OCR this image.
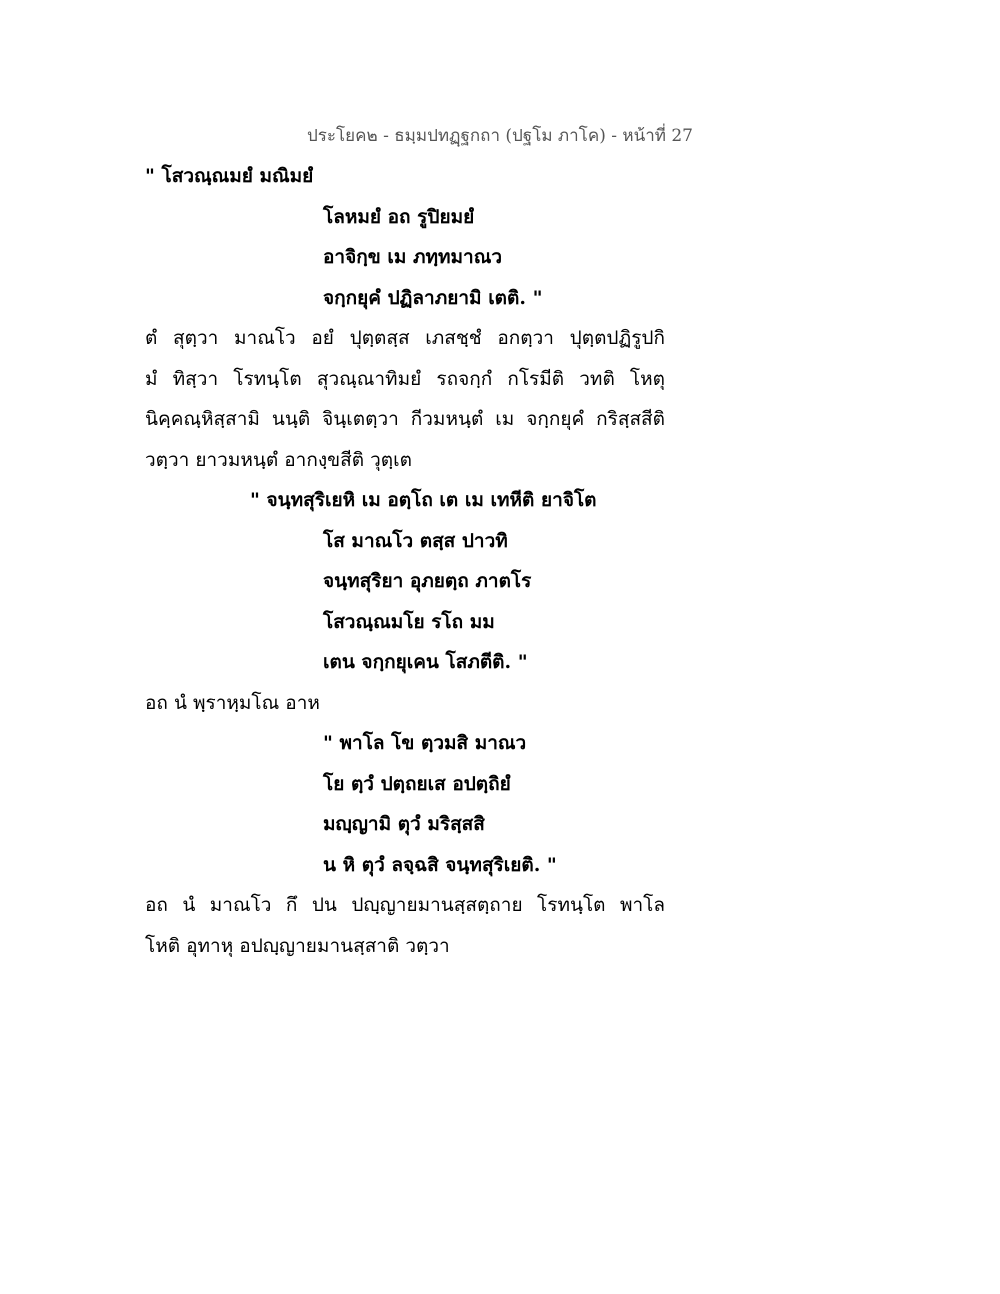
ประโยค๒ - ธมฺมปทฏฺฐกถา (ปฐโม ภาโค) - หน้าที่ 27
" โสวณฺณมยํ มณิมยํ
โลหมยํ อถ รูปิยมยํ
อาจิกฺข เม ภทฺทมาณว
จกฺกยุคํ ปฏิลาภยามิ เตติ. "
ตํ สุตฺวา มาณโว อยํ ปุตฺตสฺส เภสชฺชํ อกตฺวา ปุตฺตปฏิรูปกิ
มํ ทิสฺวา โรทนฺโต สุวณฺณาทิมยํ รถจกฺกํ กโรมีติ วทติ โหตุ
นิคฺคณฺหิสฺสามิ นนฺติ จินฺเตตฺวา กีวมหนฺตํ เม จกฺกยุคํ กริสฺสสีติ
วตฺวา ยาวมหนฺตํ อากงฺขสีติ วุตฺเต
" จนฺทสุริเยหิ เม อตฺโถ เต เม เทหีติ ยาจิโต
โส มาณโว ตสฺส ปาวทิ
จนฺทสุริยา อุภยตฺถ ภาตโร
โสวณฺณมโย รโถ มม
เตน จกฺกยุเคน โสภตีติ. "
อถ นํ พฺราหฺมโณ อาห
" พาโล โข ตฺวมสิ มาณว
โย ตฺวํ ปตฺถยเส อปตฺถิยํ
มญฺญามิ ตุวํ มริสฺสสิ
น หิ ตุวํ ลจฺฉสิ จนฺทสุริเยติ. "
อถ นํ มาณโว กึ ปน ปญฺญายมานสฺสตฺถาย โรทนฺโต พาโล
โหติ อุทาหุ อปญฺญายมานสฺสาติ วตฺวา
